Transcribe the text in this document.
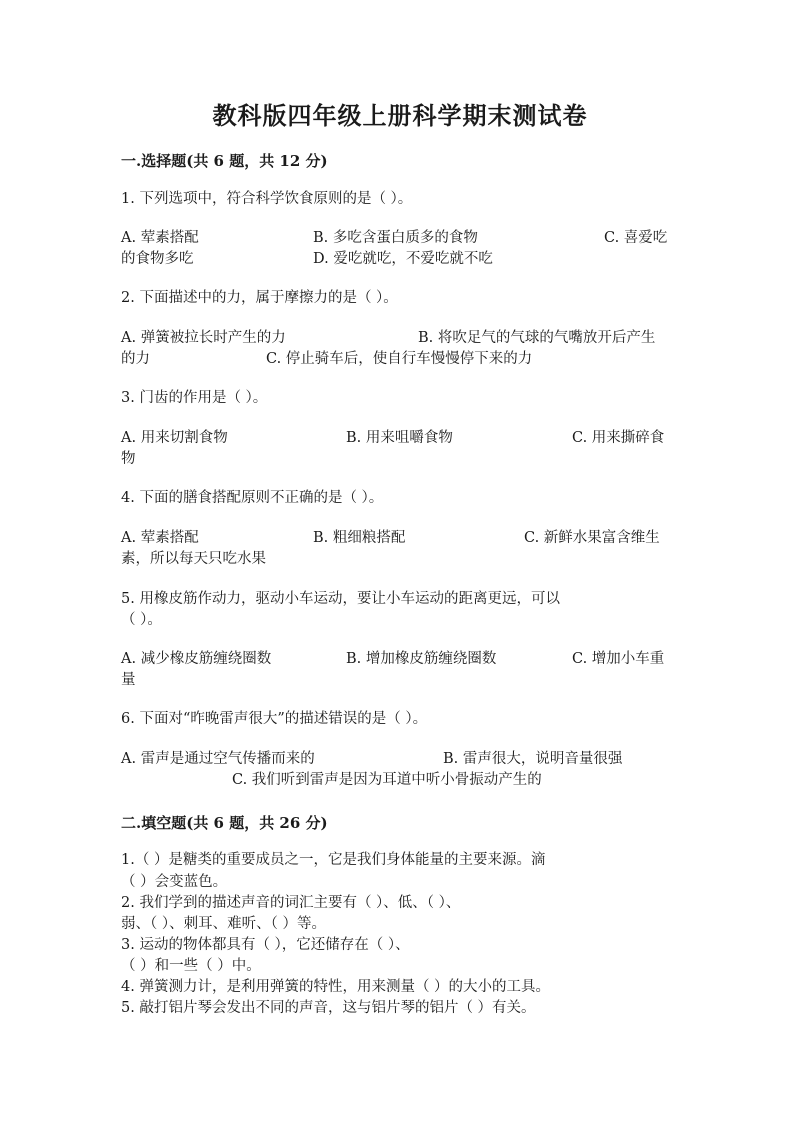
教科版四年级上册科学期末测试卷
一.选择题(共 6 题，共 12 分)
1. 下列选项中，符合科学饮食原则的是（ ）。
A. 荤素搭配	B. 多吃含蛋白质多的食物	C. 喜爱吃
的食物多吃	D. 爱吃就吃，不爱吃就不吃
2. 下面描述中的力，属于摩擦力的是（ ）。
A. 弹簧被拉长时产生的力	B. 将吹足气的气球的气嘴放开后产生
的力	C. 停止骑车后，使自行车慢慢停下来的力
3. 门齿的作用是（ ）。
A. 用来切割食物	B. 用来咀嚼食物	C. 用来撕碎食
物
4. 下面的膳食搭配原则不正确的是（ ）。
A. 荤素搭配	B. 粗细粮搭配	C. 新鲜水果富含维生
素，所以每天只吃水果
5. 用橡皮筋作动力，驱动小车运动，要让小车运动的距离更远，可以
（ ）。
A. 减少橡皮筋缠绕圈数	B. 增加橡皮筋缠绕圈数	C. 增加小车重
量
6. 下面对“昨晚雷声很大”的描述错误的是（ ）。
A. 雷声是通过空气传播而来的	B. 雷声很大，说明音量很强
C. 我们听到雷声是因为耳道中听小骨振动产生的
二.填空题(共 6 题，共 26 分)
1.（ ）是糖类的重要成员之一，它是我们身体能量的主要来源。滴
（ ）会变蓝色。
2. 我们学到的描述声音的词汇主要有（ ）、低、（ ）、
弱、（ ）、刺耳、难听、（ ）等。
3. 运动的物体都具有（ ），它还储存在（ ）、
（ ）和一些（ ）中。
4. 弹簧测力计，是利用弹簧的特性，用来测量（ ）的大小的工具。
5. 敲打铝片琴会发出不同的声音，这与铝片琴的铝片（ ）有关。
